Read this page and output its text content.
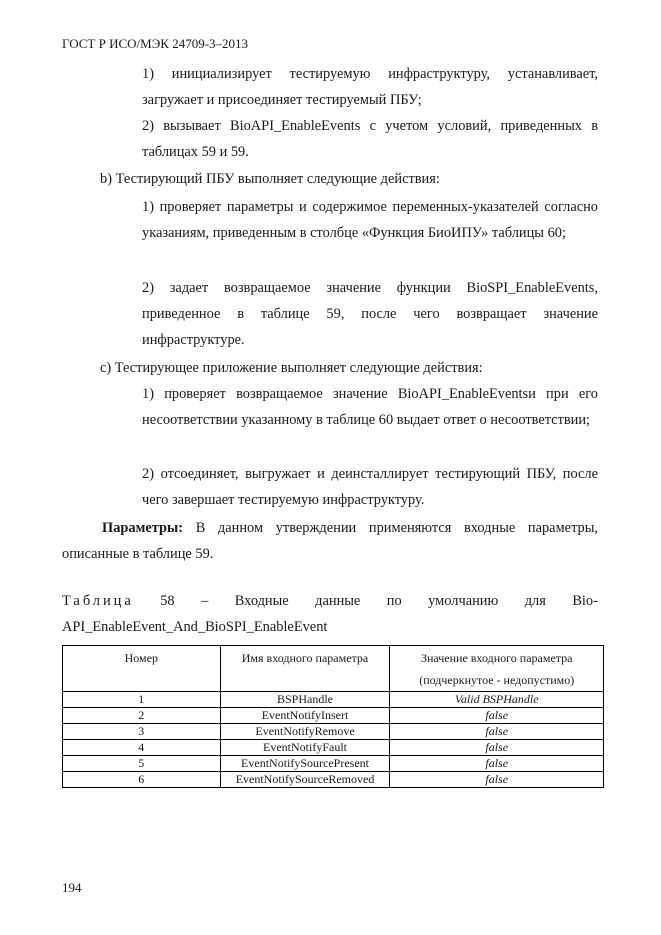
ГОСТ Р ИСО/МЭК 24709-3–2013

1) инициализирует тестируемую инфраструктуру, устанавливает, загружает и присоединяет тестируемый ПБУ;

2) вызывает BioAPI_EnableEvents с учетом условий, приведенных в таблицах 59 и 59.

b) Тестирующий ПБУ выполняет следующие действия:

1) проверяет параметры и содержимое переменных-указателей согласно указаниям, приведенным в столбце «Функция БиоИПУ» таблицы 60;

2) задает возвращаемое значение функции BioSPI_EnableEvents, приведенное в таблице 59, после чего возвращает значение инфраструктуре.

c) Тестирующее приложение выполняет следующие действия:

1) проверяет возвращаемое значение BioAPI_EnableEventsи при его несоответствии указанному в таблице 60 выдает ответ о несоответствии;

2) отсоединяет, выгружает и деинсталлирует тестирующий ПБУ, после чего завершает тестируемую инфраструктуру.

Параметры: В данном утверждении применяются входные параметры, описанные в таблице 59.

Таблица 58 – Входные данные по умолчанию для Bio-
API_EnableEvent_And_BioSPI_EnableEvent
Номер	Имя входного параметра	Значение входного параметра (подчеркнутое - недопустимо)
1	BSPHandle	Valid BSPHandle
2	EventNotifyInsert	false
3	EventNotifyRemove	false
4	EventNotifyFault	false
5	EventNotifySourcePresent	false
6	EventNotifySourceRemoved	false
194
